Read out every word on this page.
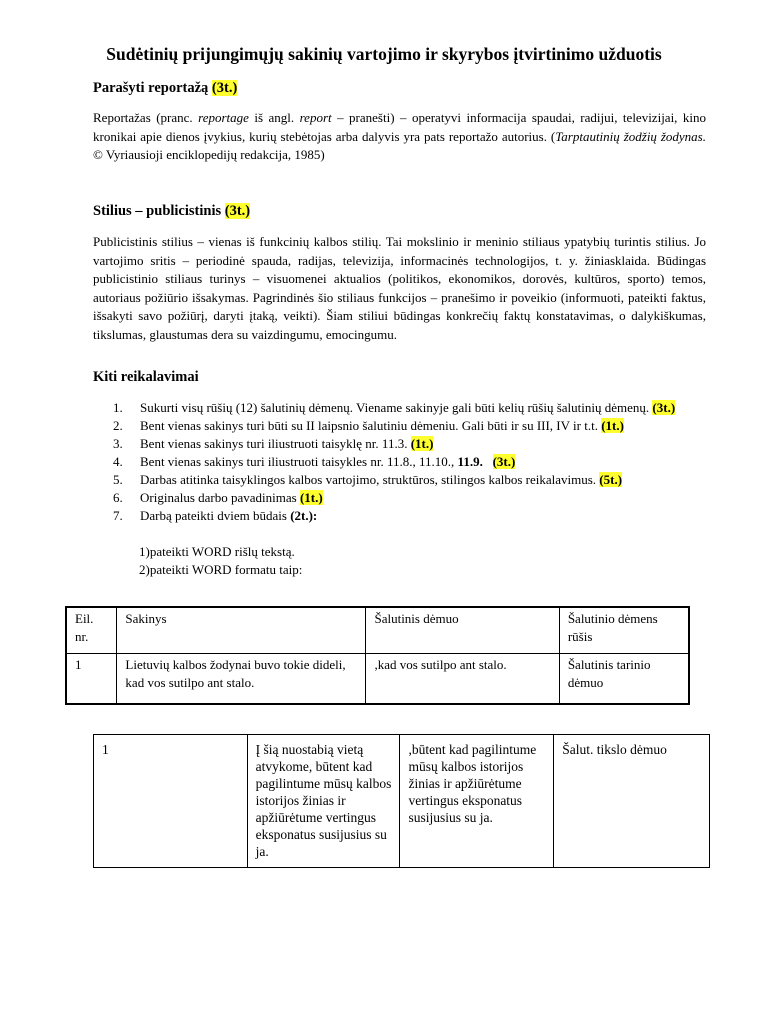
Sudėtinių prijungimųjų sakinių vartojimo ir skyrybos įtvirtinimo užduotis

Parašyti reportažą (3t.)

Reportažas (pranc. reportage iš angl. report – pranešti) – operatyvi informacija spaudai, radijui, televizijai, kino kronikai apie dienos įvykius, kurių stebėtojas arba dalyvis yra pats reportažo autorius. (Tarptautinių žodžių žodynas. © Vyriausioji enciklopedijų redakcija, 1985)

Stilius – publicistinis (3t.)

Publicistinis stilius – vienas iš funkcinių kalbos stilių. Tai mokslinio ir meninio stiliaus ypatybių turintis stilius. Jo vartojimo sritis – periodinė spauda, radijas, televizija, informacinės technologijos, t. y. žiniasklaida. Būdingas publicistinio stiliaus turinys – visuomenei aktualios (politikos, ekonomikos, dorovės, kultūros, sporto) temos, autoriaus požiūrio išsakymas. Pagrindinės šio stiliaus funkcijos – pranešimo ir poveikio (informuoti, pateikti faktus, išsakyti savo požiūrį, daryti įtaką, veikti). Šiam stiliui būdingas konkrečių faktų konstatavimas, o dalykiškumas, tikslumas, glaustumas dera su vaizdingumu, emocingumu.

Kiti reikalavimai

1. Sukurti visų rūšių (12) šalutinių dėmenų. Viename sakinyje gali būti kelių rūšių šalutinių dėmenų. (3t.)
2. Bent vienas sakinys turi būti su II laipsnio šalutiniu dėmeniu. Gali būti ir su III, IV ir t.t. (1t.)
3. Bent vienas sakinys turi iliustruoti taisyklę nr. 11.3. (1t.)
4. Bent vienas sakinys turi iliustruoti taisykles nr. 11.8., 11.10., 11.9. (3t.)
5. Darbas atitinka taisyklingos kalbos vartojimo, struktūros, stilingos kalbos reikalavimus. (5t.)
6. Originalus darbo pavadinimas (1t.)
7. Darbą pateikti dviem būdais (2t.):
1)pateikti WORD rišlų tekstą.
2)pateikti WORD formatu taip:
Eil. nr.	Sakinys	Šalutinis dėmuo	Šalutinio dėmens rūšis
1	Lietuvių kalbos žodynai buvo tokie dideli, kad vos sutilpo ant stalo.	,kad vos sutilpo ant stalo.	Šalutinis tarinio dėmuo
1	Į šią nuostabią vietą atvykome, būtent kad pagilintume mūsų kalbos istorijos žinias ir apžiūrėtume vertingus eksponatus susijusius su ja.	,būtent kad pagilintume mūsų kalbos istorijos žinias ir apžiūrėtume vertingus eksponatus susijusius su ja.	Šalut. tikslo dėmuo
